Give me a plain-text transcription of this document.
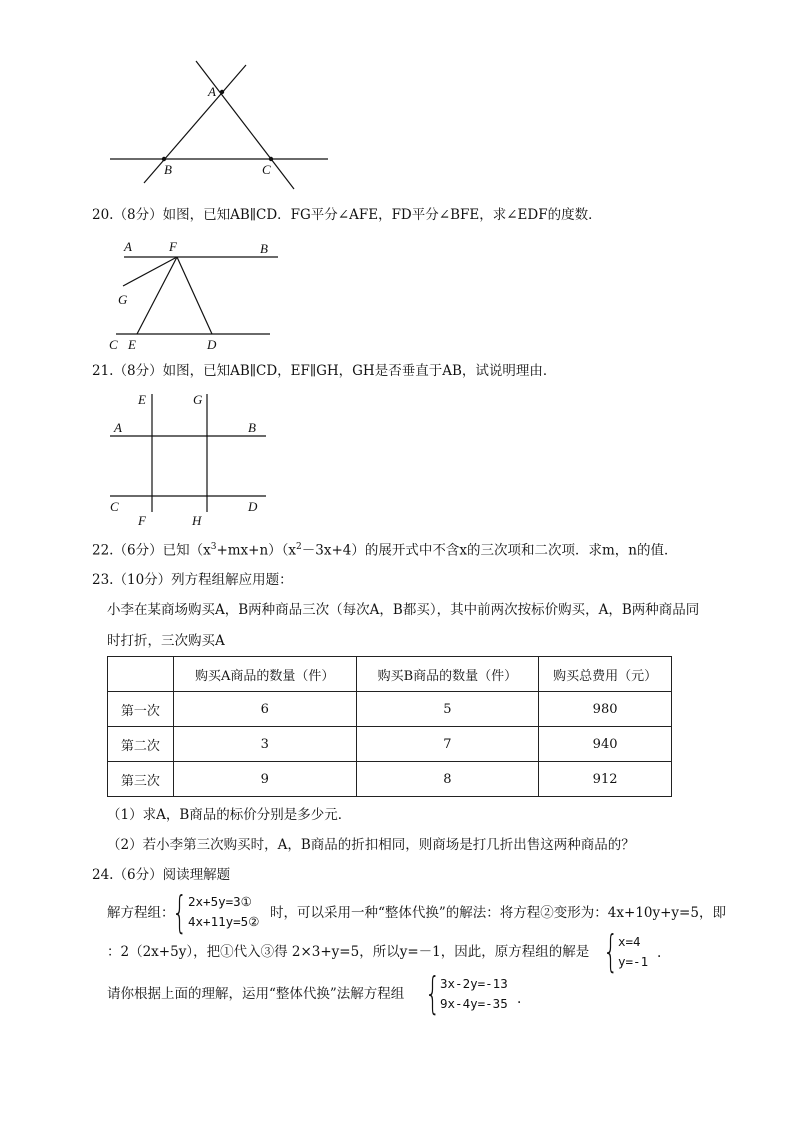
A
B	C
20.（8分）如图，已知AB∥CD．FG平分∠AFE，FD平分∠BFE，求∠EDF的度数．
A	F	B
G
C E	D
21.（8分）如图，已知AB∥CD，EF∥GH，GH是否垂直于AB，试说明理由．
E	G
A	B
C	D
F	H
22.（6分）已知$(x^3+mx+n)(x^2-3x+4)$的展开式中不含x的三次项和二次项．求m，n的值．
23.（10分）列方程组解应用题：
小李在某商场购买A，B两种商品三次（每次A，B都买），其中前两次按标价购买，A，B两种商品同
时打折，三次购买A
	购买A商品的数量（件）	购买B商品的数量（件）	购买总费用（元）
第一次	6	5	980
第二次	3	7	940
第三次	9	8	912
（1）求A，B商品的标价分别是多少元．
（2）若小李第三次购买时，A，B商品的折扣相同，则商场是打几折出售这两种商品的？
24.（6分）阅读理解题
解方程组：
{ 2x+5y=3①
4x+11y=5②
时，可以采用一种“整体代换”的解法：将方程②变形为：4x+10y+y=5，即
：2（2x+5y），把①代入③得 2×3+y=5，所以y=－1，因此，原方程组的解是 { x=4
y=-1
.
请你根据上面的理解，运用“整体代换”法解方程组 { 3x-2y=-13
9x-4y=-35 .
